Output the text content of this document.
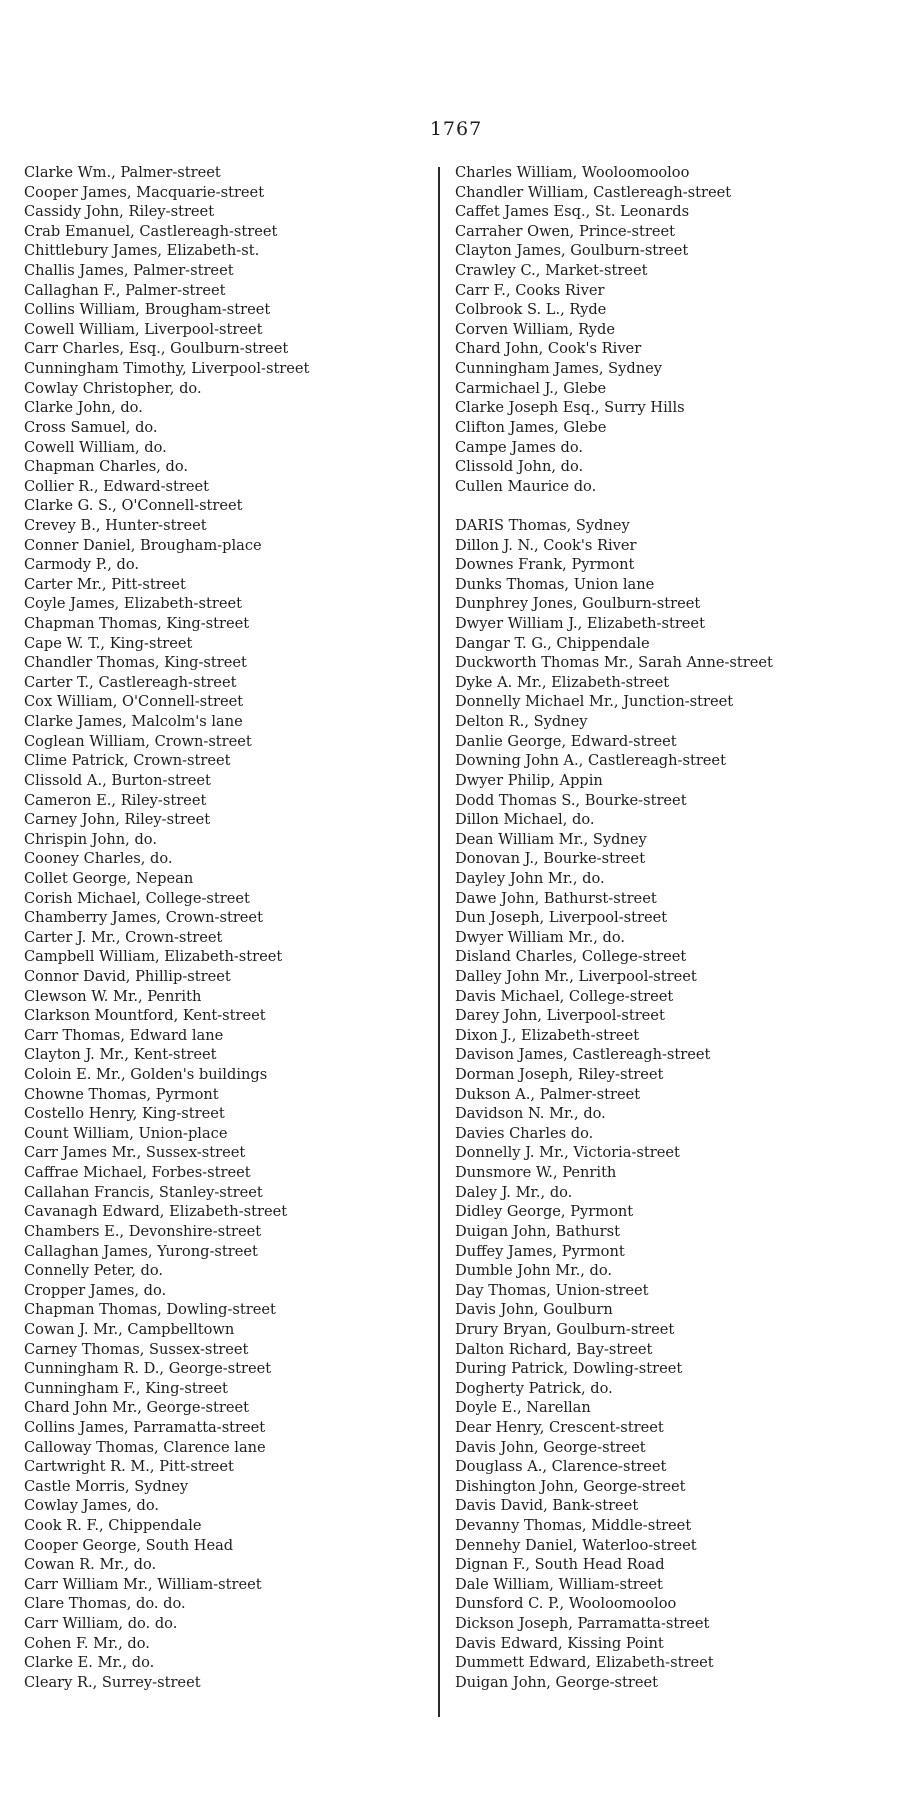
1767
Clarke Wm., Palmer-street
Cooper James, Macquarie-street
Cassidy John, Riley-street
Crab Emanuel, Castlereagh-street
Chittlebury James, Elizabeth-st.
Challis James, Palmer-street
Callaghan F., Palmer-street
Collins William, Brougham-street
Cowell William, Liverpool-street
Carr Charles, Esq., Goulburn-street
Cunningham Timothy, Liverpool-street
Cowlay Christopher, do.
Clarke John, do.
Cross Samuel, do.
Cowell William, do.
Chapman Charles, do.
Collier R., Edward-street
Clarke G. S., O'Connell-street
Crevey B., Hunter-street
Conner Daniel, Brougham-place
Carmody P., do.
Carter Mr., Pitt-street
Coyle James, Elizabeth-street
Chapman Thomas, King-street
Cape W. T., King-street
Chandler Thomas, King-street
Carter T., Castlereagh-street
Cox William, O'Connell-street
Clarke James, Malcolm's lane
Coglean William, Crown-street
Clime Patrick, Crown-street
Clissold A., Burton-street
Cameron E., Riley-street
Carney John, Riley-street
Chrispin John, do.
Cooney Charles, do.
Collet George, Nepean
Corish Michael, College-street
Chamberry James, Crown-street
Carter J. Mr., Crown-street
Campbell William, Elizabeth-street
Connor David, Phillip-street
Clewson W. Mr., Penrith
Clarkson Mountford, Kent-street
Carr Thomas, Edward lane
Clayton J. Mr., Kent-street
Coloin E. Mr., Golden's buildings
Chowne Thomas, Pyrmont
Costello Henry, King-street
Count William, Union-place
Carr James Mr., Sussex-street
Caffrae Michael, Forbes-street
Callahan Francis, Stanley-street
Cavanagh Edward, Elizabeth-street
Chambers E., Devonshire-street
Callaghan James, Yurong-street
Connelly Peter, do.
Cropper James, do.
Chapman Thomas, Dowling-street
Cowan J. Mr., Campbelltown
Carney Thomas, Sussex-street
Cunningham R. D., George-street
Cunningham F., King-street
Chard John Mr., George-street
Collins James, Parramatta-street
Calloway Thomas, Clarence lane
Cartwright R. M., Pitt-street
Castle Morris, Sydney
Cowlay James, do.
Cook R. F., Chippendale
Cooper George, South Head
Cowan R. Mr., do.
Carr William Mr., William-street
Clare Thomas, do. do.
Carr William, do. do.
Cohen F. Mr., do.
Clarke E. Mr., do.
Cleary R., Surrey-street
Charles William, Wooloomooloo
Chandler William, Castlereagh-street
Caffet James Esq., St. Leonards
Carraher Owen, Prince-street
Clayton James, Goulburn-street
Crawley C., Market-street
Carr F., Cooks River
Colbrook S. L., Ryde
Corven William, Ryde
Chard John, Cook's River
Cunningham James, Sydney
Carmichael J., Glebe
Clarke Joseph Esq., Surry Hills
Clifton James, Glebe
Campe James do.
Clissold John, do.
Cullen Maurice do.
DARIS Thomas, Sydney
Dillon J. N., Cook's River
Downes Frank, Pyrmont
Dunks Thomas, Union lane
Dunphrey Jones, Goulburn-street
Dwyer William J., Elizabeth-street
Dangar T. G., Chippendale
Duckworth Thomas Mr., Sarah Anne-street
Dyke A. Mr., Elizabeth-street
Donnelly Michael Mr., Junction-street
Delton R., Sydney
Danlie George, Edward-street
Downing John A., Castlereagh-street
Dwyer Philip, Appin
Dodd Thomas S., Bourke-street
Dillon Michael, do.
Dean William Mr., Sydney
Donovan J., Bourke-street
Dayley John Mr., do.
Dawe John, Bathurst-street
Dun Joseph, Liverpool-street
Dwyer William Mr., do.
Disland Charles, College-street
Dalley John Mr., Liverpool-street
Davis Michael, College-street
Darey John, Liverpool-street
Dixon J., Elizabeth-street
Davison James, Castlereagh-street
Dorman Joseph, Riley-street
Dukson A., Palmer-street
Davidson N. Mr., do.
Davies Charles do.
Donnelly J. Mr., Victoria-street
Dunsmore W., Penrith
Daley J. Mr., do.
Didley George, Pyrmont
Duigan John, Bathurst
Duffey James, Pyrmont
Dumble John Mr., do.
Day Thomas, Union-street
Davis John, Goulburn
Drury Bryan, Goulburn-street
Dalton Richard, Bay-street
During Patrick, Dowling-street
Dogherty Patrick, do.
Doyle E., Narellan
Dear Henry, Crescent-street
Davis John, George-street
Douglass A., Clarence-street
Dishington John, George-street
Davis David, Bank-street
Devanny Thomas, Middle-street
Dennehy Daniel, Waterloo-street
Dignan F., South Head Road
Dale William, William-street
Dunsford C. P., Wooloomooloo
Dickson Joseph, Parramatta-street
Davis Edward, Kissing Point
Dummett Edward, Elizabeth-street
Duigan John, George-street
